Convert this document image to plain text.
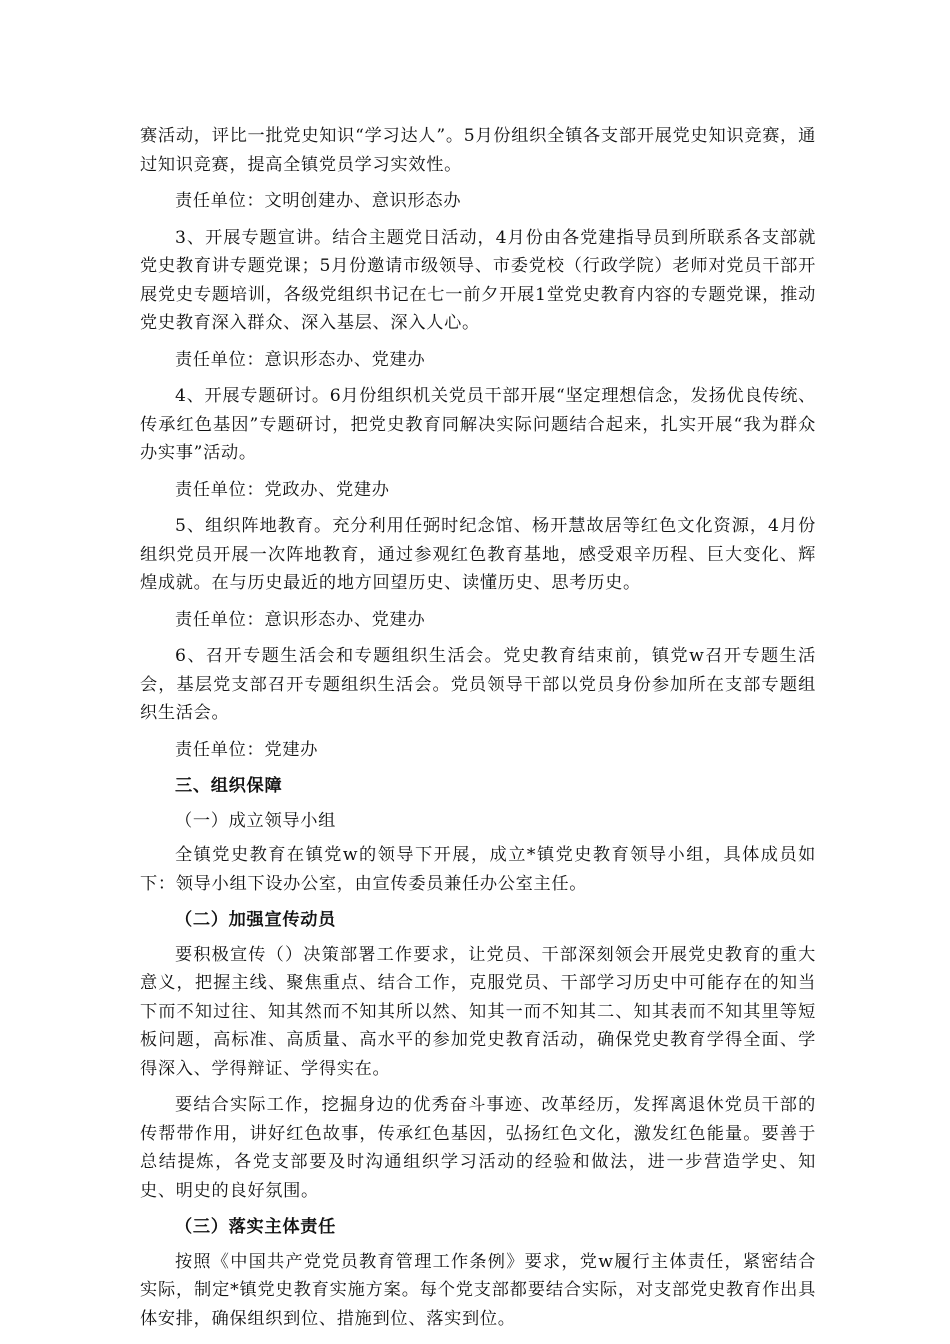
赛活动，评比一批党史知识“学习达人”。5月份组织全镇各支部开展党史知识竞赛，通过知识竞赛，提高全镇党员学习实效性。

责任单位：文明创建办、意识形态办

3、开展专题宣讲。结合主题党日活动，4月份由各党建指导员到所联系各支部就党史教育讲专题党课；5月份邀请市级领导、市委党校（行政学院）老师对党员干部开展党史专题培训，各级党组织书记在七一前夕开展1堂党史教育内容的专题党课，推动党史教育深入群众、深入基层、深入人心。

责任单位：意识形态办、党建办

4、开展专题研讨。6月份组织机关党员干部开展“坚定理想信念，发扬优良传统、传承红色基因”专题研讨，把党史教育同解决实际问题结合起来，扎实开展“我为群众办实事”活动。

责任单位：党政办、党建办

5、组织阵地教育。充分利用任弼时纪念馆、杨开慧故居等红色文化资源，4月份组织党员开展一次阵地教育，通过参观红色教育基地，感受艰辛历程、巨大变化、辉煌成就。在与历史最近的地方回望历史、读懂历史、思考历史。

责任单位：意识形态办、党建办

6、召开专题生活会和专题组织生活会。党史教育结束前，镇党w召开专题生活会，基层党支部召开专题组织生活会。党员领导干部以党员身份参加所在支部专题组织生活会。

责任单位：党建办

三、组织保障
（一）成立领导小组

全镇党史教育在镇党w的领导下开展，成立*镇党史教育领导小组，具体成员如下：领导小组下设办公室，由宣传委员兼任办公室主任。

（二）加强宣传动员

要积极宣传（）决策部署工作要求，让党员、干部深刻领会开展党史教育的重大意义，把握主线、聚焦重点、结合工作，克服党员、干部学习历史中可能存在的知当下而不知过往、知其然而不知其所以然、知其一而不知其二、知其表而不知其里等短板问题，高标准、高质量、高水平的参加党史教育活动，确保党史教育学得全面、学得深入、学得辩证、学得实在。

要结合实际工作，挖掘身边的优秀奋斗事迹、改革经历，发挥离退休党员干部的传帮带作用，讲好红色故事，传承红色基因，弘扬红色文化，激发红色能量。要善于总结提炼，各党支部要及时沟通组织学习活动的经验和做法，进一步营造学史、知史、明史的良好氛围。

（三）落实主体责任

按照《中国共产党党员教育管理工作条例》要求，党w履行主体责任，紧密结合实际，制定*镇党史教育实施方案。每个党支部都要结合实际，对支部党史教育作出具体安排，确保组织到位、措施到位、落实到位。
